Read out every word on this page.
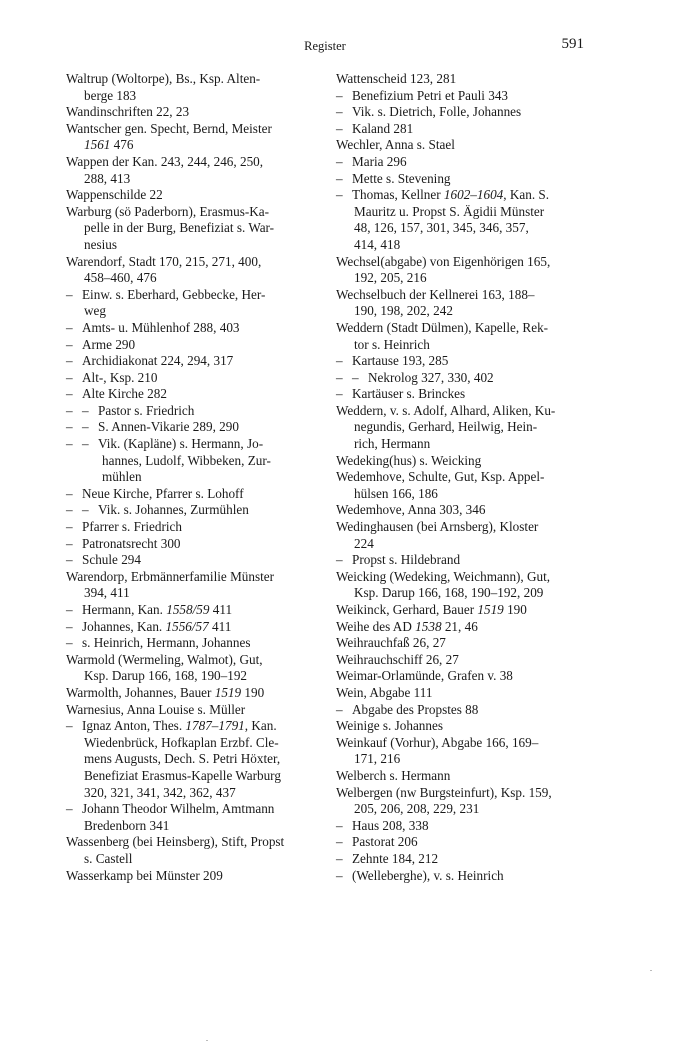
Register	591
Waltrup (Woltorpe), Bs., Ksp. Alten-
berge 183
Wandinschriften 22, 23
Wantscher gen. Specht, Bernd, Meister
1561 476
Wappen der Kan. 243, 244, 246, 250,
288, 413
Wappenschilde 22
Warburg (sö Paderborn), Erasmus-Ka-
pelle in der Burg, Benefiziat s. War-
nesius
Warendorf, Stadt 170, 215, 271, 400,
458–460, 476
– Einw. s. Eberhard, Gebbecke, Her-
weg
– Amts- u. Mühlenhof 288, 403
– Arme 290
– Archidiakonat 224, 294, 317
– Alt-, Ksp. 210
– Alte Kirche 282
– – Pastor s. Friedrich
– – S. Annen-Vikarie 289, 290
– – Vik. (Kapläne) s. Hermann, Jo-
hannes, Ludolf, Wibbeken, Zur-
mühlen
– Neue Kirche, Pfarrer s. Lohoff
– – Vik. s. Johannes, Zurmühlen
– Pfarrer s. Friedrich
– Patronatsrecht 300
– Schule 294
Warendorp, Erbmännerfamilie Münster
394, 411
– Hermann, Kan. 1558/59 411
– Johannes, Kan. 1556/57 411
– s. Heinrich, Hermann, Johannes
Warmold (Wermeling, Walmot), Gut,
Ksp. Darup 166, 168, 190–192
Warmolth, Johannes, Bauer 1519 190
Warnesius, Anna Louise s. Müller
– Ignaz Anton, Thes. 1787–1791, Kan.
Wiedenbrück, Hofkaplan Erzbf. Cle-
mens Augusts, Dech. S. Petri Höxter,
Benefiziat Erasmus-Kapelle Warburg
320, 321, 341, 342, 362, 437
– Johann Theodor Wilhelm, Amtmann
Bredenborn 341
Wassenberg (bei Heinsberg), Stift, Propst
s. Castell
Wasserkamp bei Münster 209
Wattenscheid 123, 281
– Benefizium Petri et Pauli 343
– Vik. s. Dietrich, Folle, Johannes
– Kaland 281
Wechler, Anna s. Stael
– Maria 296
– Mette s. Stevening
– Thomas, Kellner 1602–1604, Kan. S.
Mauritz u. Propst S. Ägidii Münster
48, 126, 157, 301, 345, 346, 357,
414, 418
Wechsel(abgabe) von Eigenhörigen 165,
192, 205, 216
Wechselbuch der Kellnerei 163, 188–
190, 198, 202, 242
Weddern (Stadt Dülmen), Kapelle, Rek-
tor s. Heinrich
– Kartause 193, 285
– – Nekrolog 327, 330, 402
– Kartäuser s. Brinckes
Weddern, v. s. Adolf, Alhard, Aliken, Ku-
negundis, Gerhard, Heilwig, Hein-
rich, Hermann
Wedeking(hus) s. Weicking
Wedemhove, Schulte, Gut, Ksp. Appel-
hülsen 166, 186
Wedemhove, Anna 303, 346
Wedinghausen (bei Arnsberg), Kloster
224
– Propst s. Hildebrand
Weicking (Wedeking, Weichmann), Gut,
Ksp. Darup 166, 168, 190–192, 209
Weikinck, Gerhard, Bauer 1519 190
Weihe des AD 1538 21, 46
Weihrauchfaß 26, 27
Weihrauchschiff 26, 27
Weimar-Orlamünde, Grafen v. 38
Wein, Abgabe 111
– Abgabe des Propstes 88
Weinige s. Johannes
Weinkauf (Vorhur), Abgabe 166, 169–
171, 216
Welberch s. Hermann
Welbergen (nw Burgsteinfurt), Ksp. 159,
205, 206, 208, 229, 231
– Haus 208, 338
– Pastorat 206
– Zehnte 184, 212
– (Welleberghe), v. s. Heinrich
